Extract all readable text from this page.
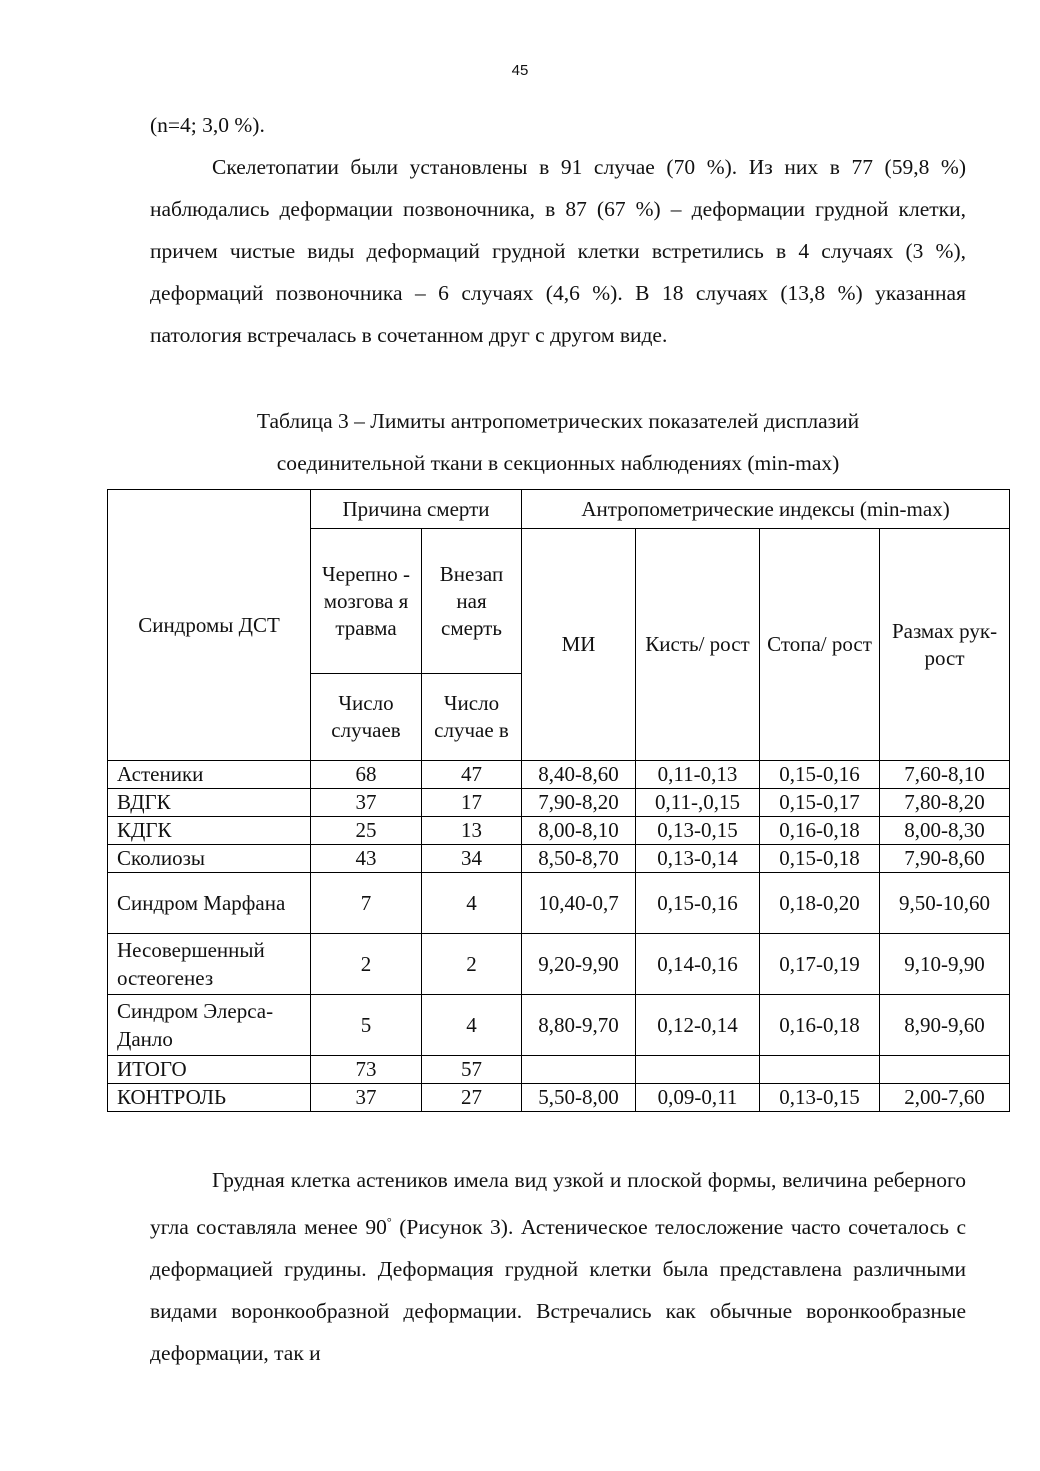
45

(n=4; 3,0 %).

Скелетопатии были установлены в 91 случае (70 %). Из них в 77 (59,8 %) наблюдались деформации позвоночника, в 87 (67 %) – деформации грудной клетки, причем чистые виды деформаций грудной клетки встретились в 4 случаях (3 %), деформаций позвоночника – 6 случаях (4,6 %). В 18 случаях (13,8 %) указанная патология встречалась в сочетанном друг с другом виде.

Таблица 3 – Лимиты антропометрических показателей дисплазий

соединительной ткани в секционных наблюдениях (min-max)

Синдромы ДСТ	Причина смерти		Антропометрические индексы (min-max)			
	Черепно - мозгова я травма	Внезап ная смерть	МИ	Кисть/ рост	Стопа/ рост	Размах рук-рост
	Число случаев	Число случае в				
Астеники	68	47	8,40-8,60	0,11-0,13	0,15-0,16	7,60-8,10
ВДГК	37	17	7,90-8,20	0,11-,0,15	0,15-0,17	7,80-8,20
КДГК	25	13	8,00-8,10	0,13-0,15	0,16-0,18	8,00-8,30
Сколиозы	43	34	8,50-8,70	0,13-0,14	0,15-0,18	7,90-8,60
Синдром Марфана	7	4	10,40-0,7	0,15-0,16	0,18-0,20	9,50-10,60
Несовершенный остеогенез	2	2	9,20-9,90	0,14-0,16	0,17-0,19	9,10-9,90
Синдром Элерса-Данло	5	4	8,80-9,70	0,12-0,14	0,16-0,18	8,90-9,60
ИТОГО	73	57				
КОНТРОЛЬ	37	27	5,50-8,00	0,09-0,11	0,13-0,15	2,00-7,60

Грудная клетка астеников имела вид узкой и плоской формы, величина реберного угла составляла менее 90° (Рисунок 3). Астеническое телосложение часто сочеталось с деформацией грудины. Деформация грудной клетки была представлена различными видами воронкообразной деформации. Встречались как обычные воронкообразные деформации, так и
